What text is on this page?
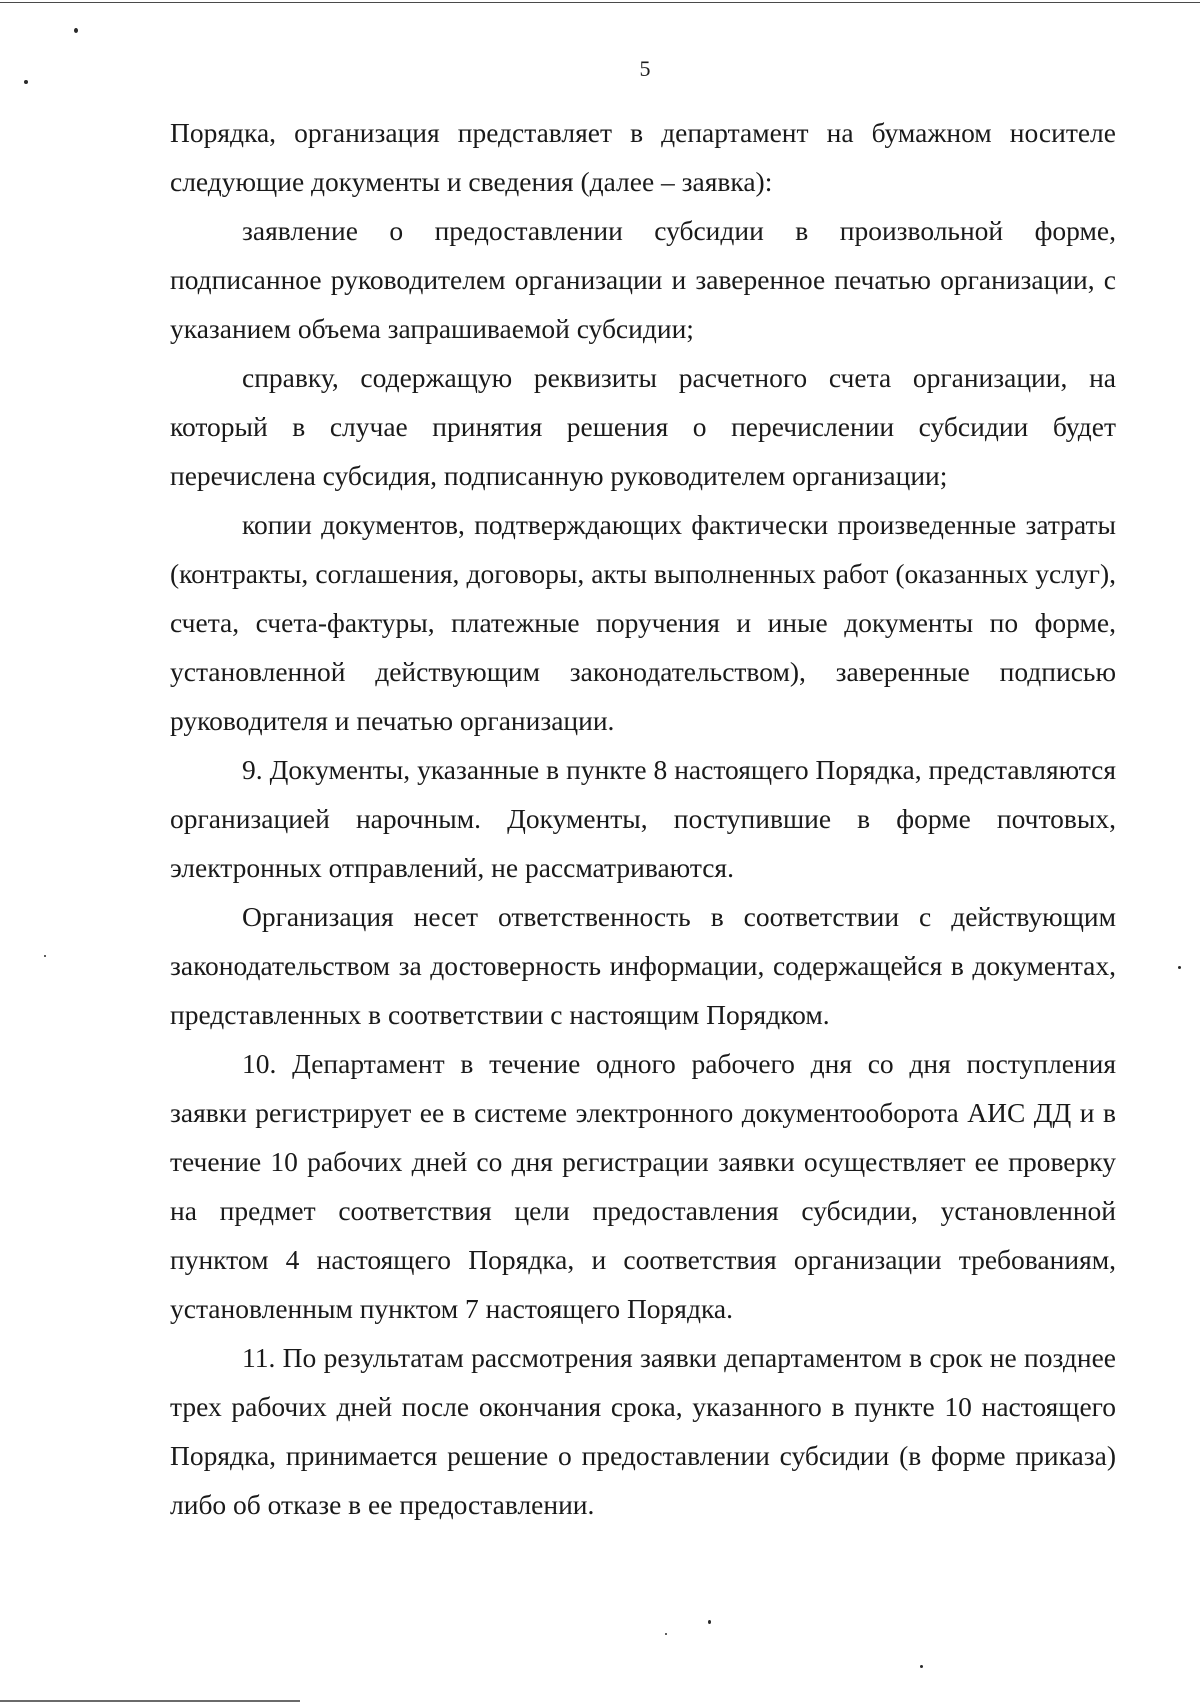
5

Порядка, организация представляет в департамент на бумажном носителе следующие документы и сведения (далее – заявка):

заявление о предоставлении субсидии в произвольной форме, подписанное руководителем организации и заверенное печатью организации, с указанием объема запрашиваемой субсидии;

справку, содержащую реквизиты расчетного счета организации, на который в случае принятия решения о перечислении субсидии будет перечислена субсидия, подписанную руководителем организации;

копии документов, подтверждающих фактически произведенные затраты (контракты, соглашения, договоры, акты выполненных работ (оказанных услуг), счета, счета-фактуры, платежные поручения и иные документы по форме, установленной действующим законодательством), заверенные подписью руководителя и печатью организации.

9. Документы, указанные в пункте 8 настоящего Порядка, представляются организацией нарочным. Документы, поступившие в форме почтовых, электронных отправлений, не рассматриваются.

Организация несет ответственность в соответствии с действующим законодательством за достоверность информации, содержащейся в документах, представленных в соответствии с настоящим Порядком.

10. Департамент в течение одного рабочего дня со дня поступления заявки регистрирует ее в системе электронного документооборота АИС ДД и в течение 10 рабочих дней со дня регистрации заявки осуществляет ее проверку на предмет соответствия цели предоставления субсидии, установленной пунктом 4 настоящего Порядка, и соответствия организации требованиям, установленным пунктом 7 настоящего Порядка.

11. По результатам рассмотрения заявки департаментом в срок не позднее трех рабочих дней после окончания срока, указанного в пункте 10 настоящего Порядка, принимается решение о предоставлении субсидии (в форме приказа) либо об отказе в ее предоставлении.
